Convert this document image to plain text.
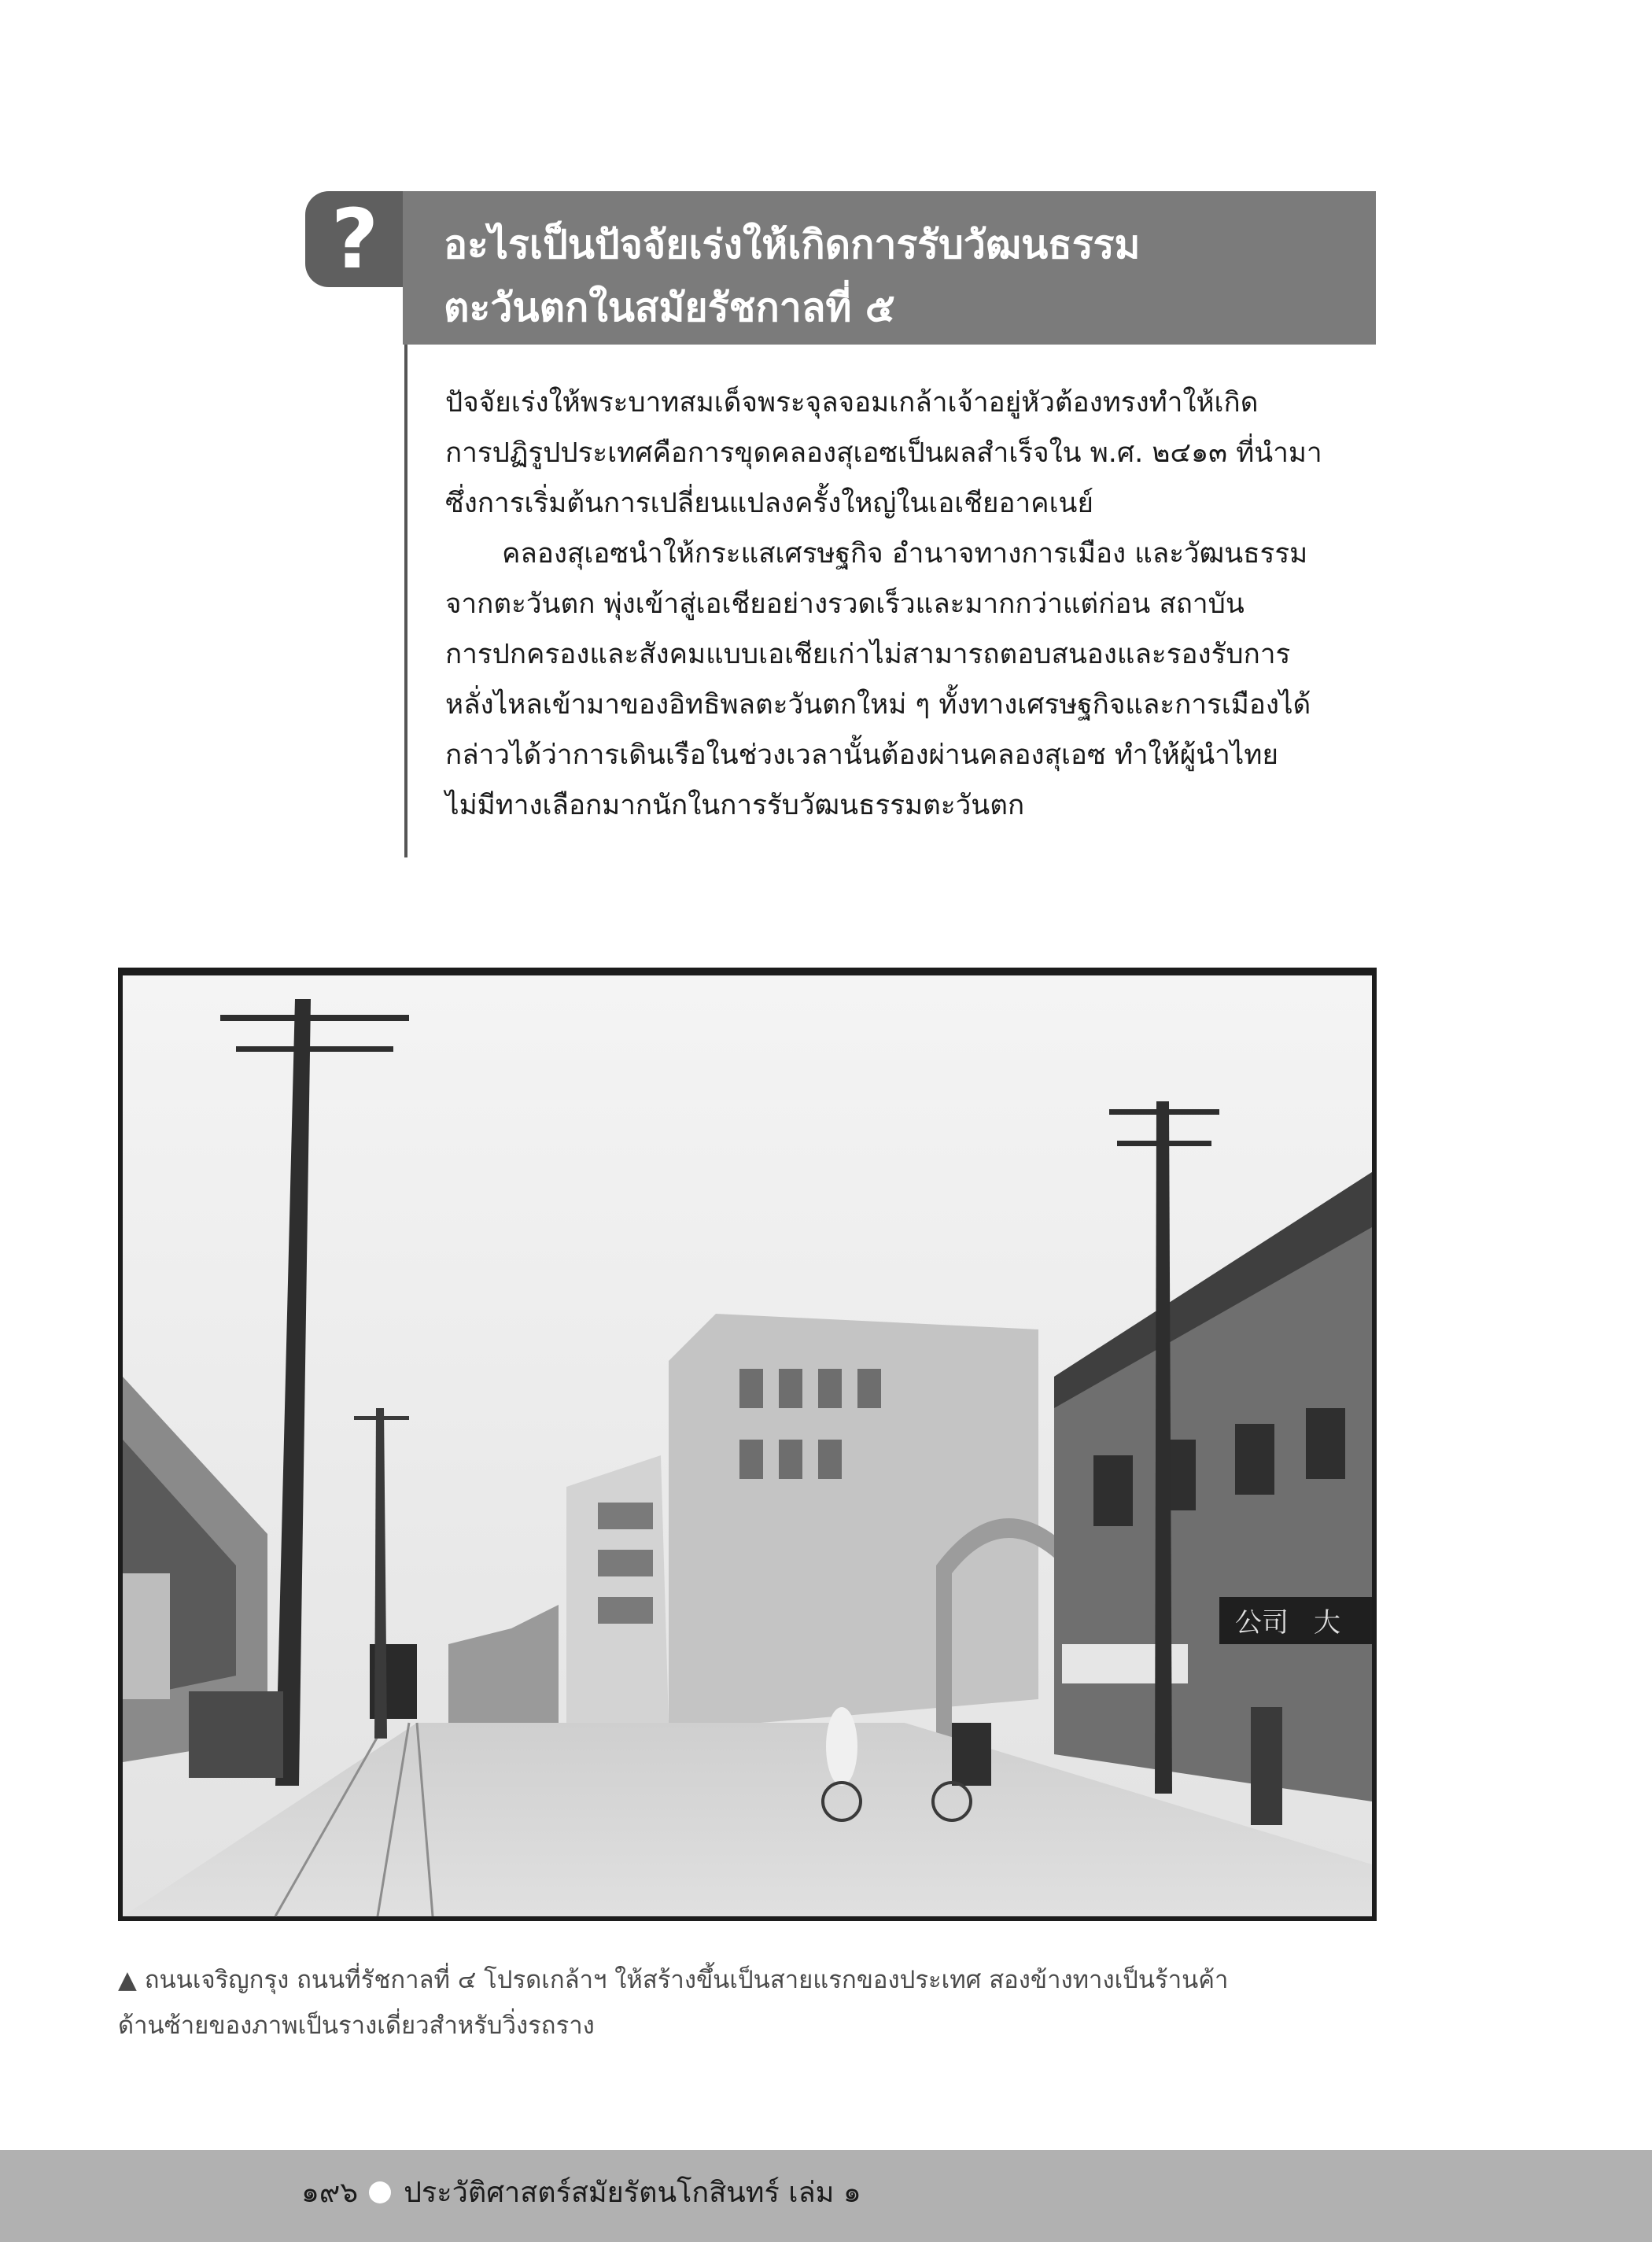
? อะไรเป็นปัจจัยเร่งให้เกิดการรับวัฒนธรรม
ตะวันตกในสมัยรัชกาลที่ ๕

ปัจจัยเร่งให้พระบาทสมเด็จพระจุลจอมเกล้าเจ้าอยู่หัวต้องทรงทำให้เกิด
การปฏิรูปประเทศคือการขุดคลองสุเอซเป็นผลสำเร็จใน พ.ศ. ๒๔๑๓ ที่นำมา
ซึ่งการเริ่มต้นการเปลี่ยนแปลงครั้งใหญ่ในเอเชียอาคเนย์

คลองสุเอซนำให้กระแสเศรษฐกิจ อำนาจทางการเมือง และวัฒนธรรม
จากตะวันตก พุ่งเข้าสู่เอเชียอย่างรวดเร็วและมากกว่าแต่ก่อน สถาบัน
การปกครองและสังคมแบบเอเชียเก่าไม่สามารถตอบสนองและรองรับการ
หลั่งไหลเข้ามาของอิทธิพลตะวันตกใหม่ ๆ ทั้งทางเศรษฐกิจและการเมืองได้
กล่าวได้ว่าการเดินเรือในช่วงเวลานั้นต้องผ่านคลองสุเอซ ทำให้ผู้นำไทย
ไม่มีทางเลือกมากนักในการรับวัฒนธรรมตะวันตก

公司 大

▲ ถนนเจริญกรุง ถนนที่รัชกาลที่ ๔ โปรดเกล้าฯ ให้สร้างขึ้นเป็นสายแรกของประเทศ สองข้างทางเป็นร้านค้า
ด้านซ้ายของภาพเป็นรางเดี่ยวสำหรับวิ่งรถราง

๑๙๖ ประวัติศาสตร์สมัยรัตนโกสินทร์ เล่ม ๑
